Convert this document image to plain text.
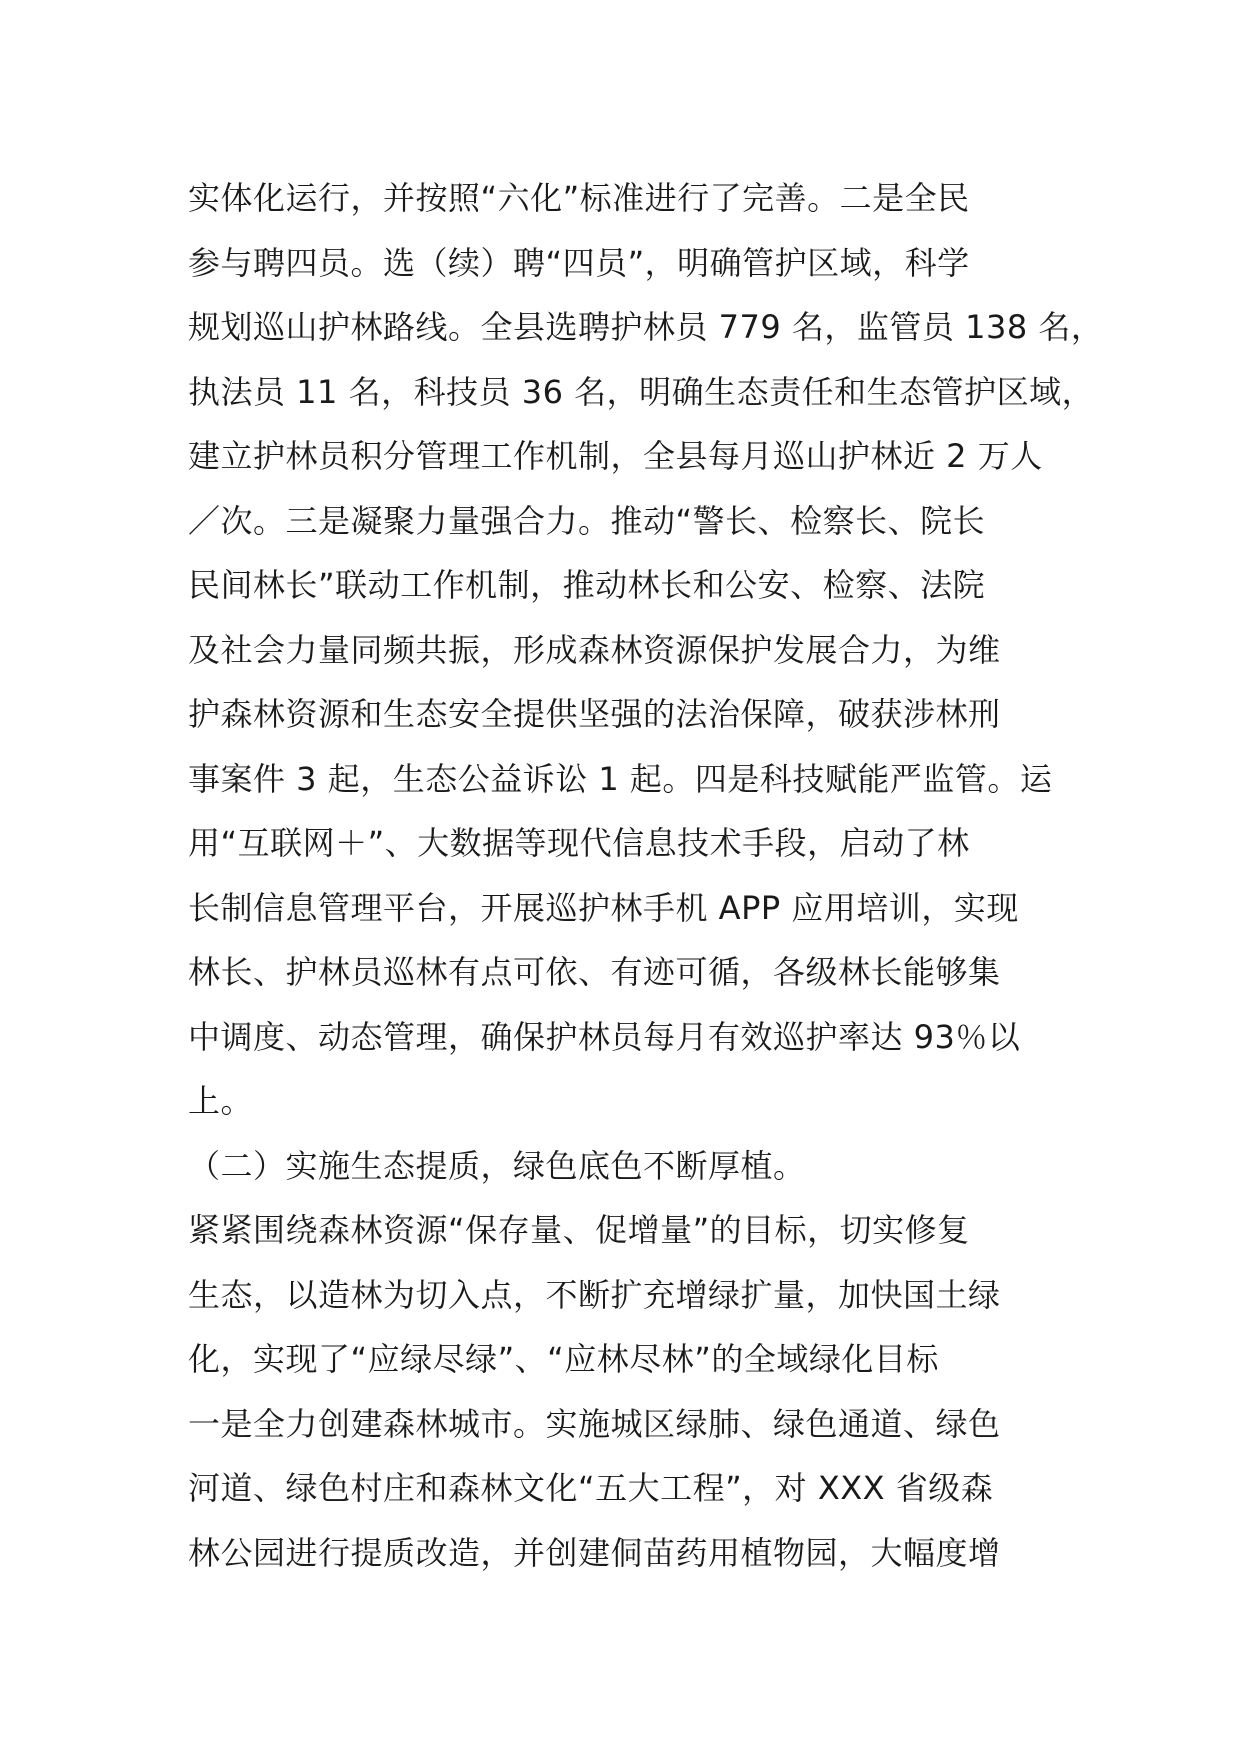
实体化运行，并按照“六化”标准进行了完善。二是全民
参与聘四员。选（续）聘“四员”，明确管护区域，科学
规划巡山护林路线。全县选聘护林员 779 名，监管员 138 名，
执法员 11 名，科技员 36 名，明确生态责任和生态管护区域，
建立护林员积分管理工作机制，全县每月巡山护林近 2 万人
／次。三是凝聚力量强合力。推动“警长、检察长、院长
民间林长”联动工作机制，推动林长和公安、检察、法院
及社会力量同频共振，形成森林资源保护发展合力，为维
护森林资源和生态安全提供坚强的法治保障，破获涉林刑
事案件 3 起，生态公益诉讼 1 起。四是科技赋能严监管。运
用“互联网＋”、大数据等现代信息技术手段，启动了林
长制信息管理平台，开展巡护林手机 APP 应用培训，实现
林长、护林员巡林有点可依、有迹可循，各级林长能够集
中调度、动态管理，确保护林员每月有效巡护率达 93％以
上。
（二）实施生态提质，绿色底色不断厚植。
紧紧围绕森林资源“保存量、促增量”的目标，切实修复
生态，以造林为切入点，不断扩充增绿扩量，加快国土绿
化，实现了“应绿尽绿”、“应林尽林”的全域绿化目标
一是全力创建森林城市。实施城区绿肺、绿色通道、绿色
河道、绿色村庄和森林文化“五大工程”，对 XXX 省级森
林公园进行提质改造，并创建侗苗药用植物园，大幅度增
